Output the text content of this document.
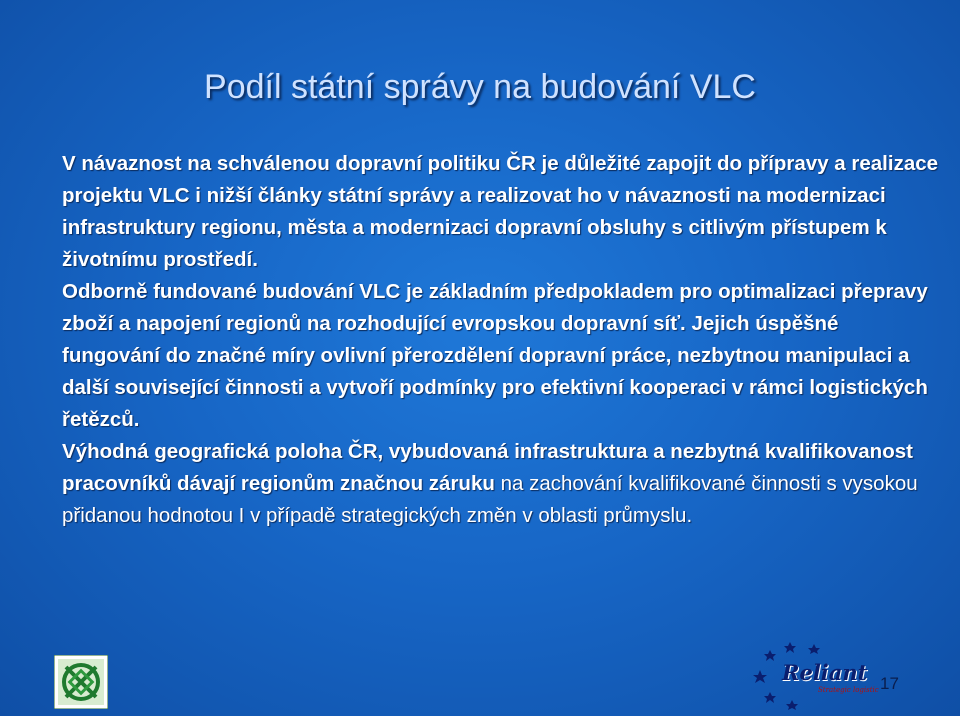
Podíl státní správy na budování VLC

V návaznost na schválenou dopravní politiku ČR je důležité zapojit do přípravy a realizace projektu VLC i nižší články státní správy a realizovat ho v návaznosti na modernizaci infrastruktury regionu, města a modernizaci dopravní obsluhy s citlivým přístupem k životnímu prostředí.

Odborně fundované budování VLC je základním předpokladem pro optimalizaci přepravy zboží a napojení regionů na rozhodující evropskou dopravní síť. Jejich úspěšné fungování do značné míry ovlivní přerozdělení dopravní práce, nezbytnou manipulaci a další související činnosti a vytvoří podmínky pro efektivní kooperaci v rámci logistických řetězců.

Výhodná geografická poloha ČR, vybudovaná infrastruktura a nezbytná kvalifikovanost pracovníků dávají regionům značnou záruku na zachování kvalifikované činnosti s vysokou přidanou hodnotou I v případě strategických změn v oblasti průmyslu.

Reliant
Strategic logistic 17
